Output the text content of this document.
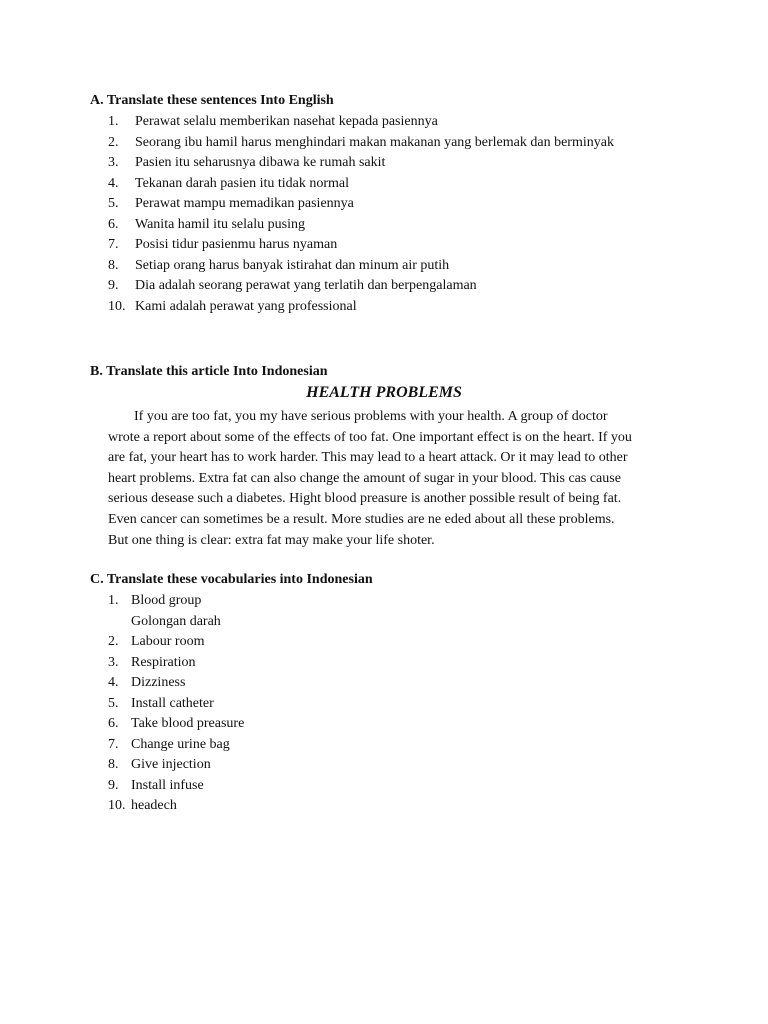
A. Translate these sentences Into English
1. Perawat selalu memberikan nasehat kepada pasiennya
2. Seorang ibu hamil harus menghindari makan makanan yang berlemak dan berminyak
3. Pasien itu seharusnya dibawa ke rumah sakit
4. Tekanan darah pasien itu tidak normal
5. Perawat mampu memadikan pasiennya
6. Wanita hamil itu selalu pusing
7. Posisi tidur pasienmu harus nyaman
8. Setiap orang harus banyak istirahat dan minum air putih
9. Dia adalah seorang perawat yang terlatih dan berpengalaman
10. Kami adalah perawat yang professional
B. Translate this article Into Indonesian
HEALTH PROBLEMS
If you are too fat, you my have serious problems with your health. A group of doctor
wrote a report about some of the effects of too fat. One important effect is on the heart. If you
are fat, your heart has to work harder. This may lead to a heart attack. Or it may lead to other
heart problems. Extra fat can also change the amount of sugar in your blood. This cas cause
serious desease such a diabetes. Hight blood preasure is another possible result of being fat.
Even cancer can sometimes be a result. More studies are ne eded about all these problems.
But one thing is clear: extra fat may make your life shoter.
C. Translate these vocabularies into Indonesian
1. Blood group
Golongan darah
2. Labour room
3. Respiration
4. Dizziness
5. Install catheter
6. Take blood preasure
7. Change urine bag
8. Give injection
9. Install infuse
10. headech
